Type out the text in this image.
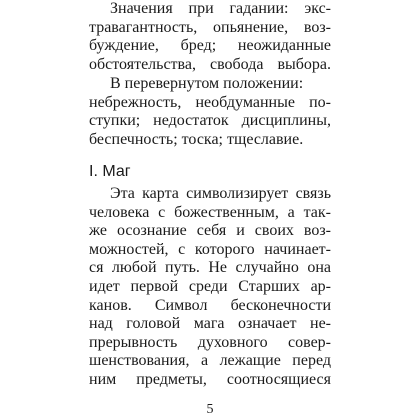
Значения при гадании: экс-
травагантность, опьянение, воз-
буждение, бред; неожиданные
обстоятельства, свобода выбора.
В перевернутом положении:
небрежность, необдуманные по-
ступки; недостаток дисциплины,
беспечность; тоска; тщеславие.
I. Маг
Эта карта символизирует связь
человека с божественным, а так-
же осознание себя и своих воз-
можностей, с которого начинает-
ся любой путь. Не случайно она
идет первой среди Старших ар-
канов. Символ бесконечности
над головой мага означает не-
прерывность духовного совер-
шенствования, а лежащие перед
ним предметы, соотносящиеся
5
